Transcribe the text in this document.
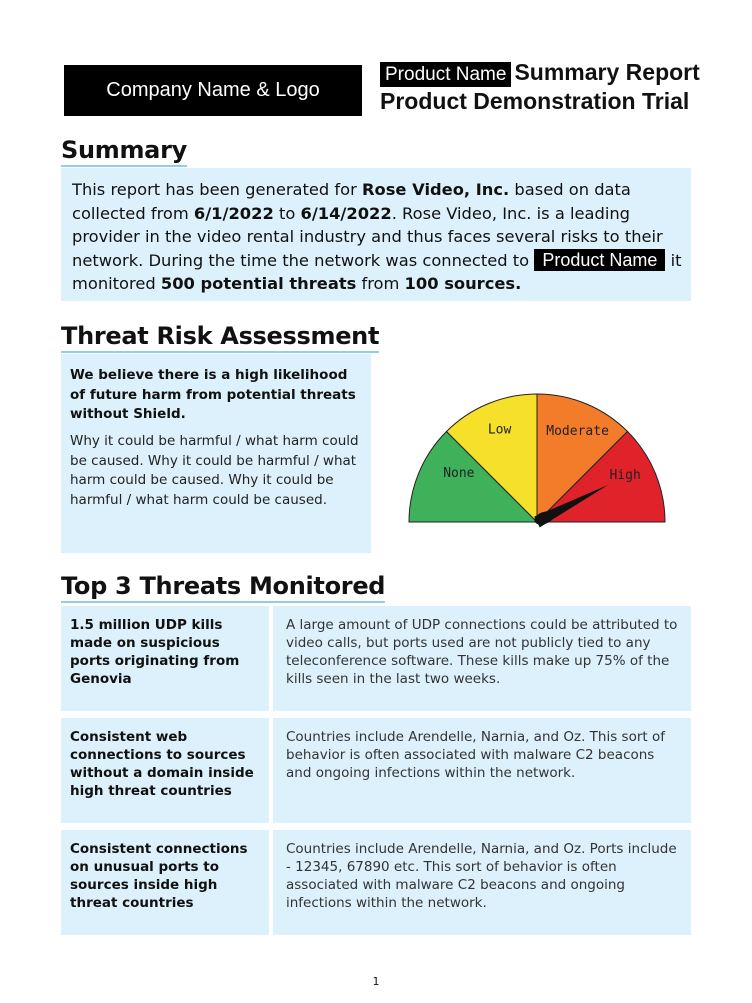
Company Name & Logo
Product Name Summary Report
Product Demonstration Trial
Summary
This report has been generated for Rose Video, Inc. based on data collected from 6/1/2022 to 6/14/2022. Rose Video, Inc. is a leading provider in the video rental industry and thus faces several risks to their network. During the time the network was connected to Product Name it monitored 500 potential threats from 100 sources.
Threat Risk Assessment
We believe there is a high likelihood of future harm from potential threats without Shield.
Why it could be harmful / what harm could be caused. Why it could be harmful / what harm could be caused. Why it could be harmful / what harm could be caused.
None
Low	Moderate
High
Top 3 Threats Monitored
1.5 million UDP kills made on suspicious ports originating from Genovia
A large amount of UDP connections could be attributed to video calls, but ports used are not publicly tied to any teleconference software. These kills make up 75% of the kills seen in the last two weeks.
Consistent web connections to sources without a domain inside high threat countries
Countries include Arendelle, Narnia, and Oz. This sort of behavior is often associated with malware C2 beacons and ongoing infections within the network.
Consistent connections on unusual ports to sources inside high threat countries
Countries include Arendelle, Narnia, and Oz. Ports include - 12345, 67890 etc. This sort of behavior is often associated with malware C2 beacons and ongoing infections within the network.
1
